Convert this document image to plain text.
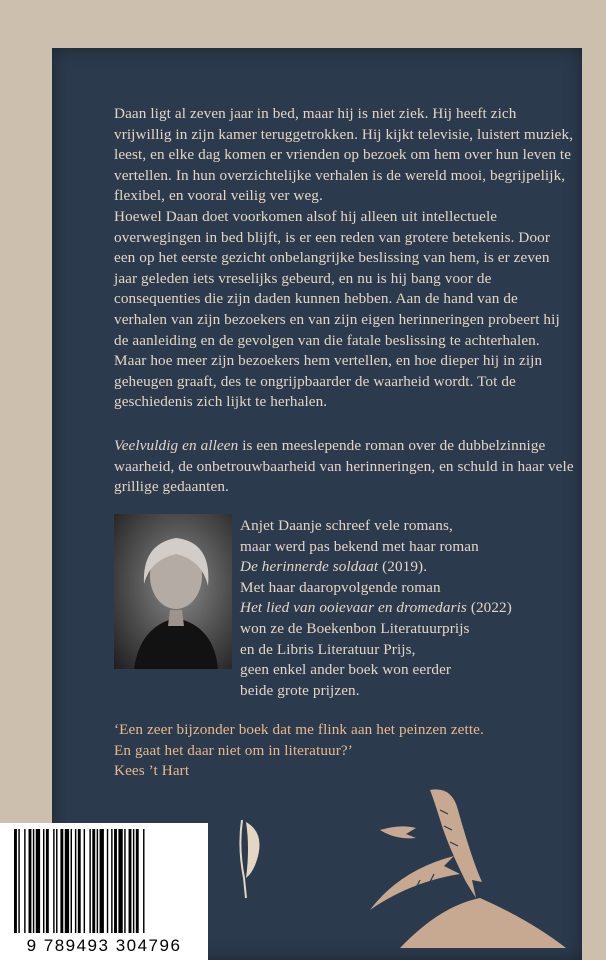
Daan ligt al zeven jaar in bed, maar hij is niet ziek. Hij heeft zich vrijwillig in zijn kamer teruggetrokken. Hij kijkt televisie, luistert muziek, leest, en elke dag komen er vrienden op bezoek om hem over hun leven te vertellen. In hun overzichtelijke verhalen is de wereld mooi, begrijpelijk, flexibel, en vooral veilig ver weg.

Hoewel Daan doet voorkomen alsof hij alleen uit intellectuele overwegingen in bed blijft, is er een reden van grotere betekenis. Door een op het eerste gezicht onbelangrijke beslissing van hem, is er zeven jaar geleden iets vreselijks gebeurd, en nu is hij bang voor de consequenties die zijn daden kunnen hebben. Aan de hand van de verhalen van zijn bezoekers en van zijn eigen herinneringen probeert hij de aanleiding en de gevolgen van die fatale beslissing te achterhalen. Maar hoe meer zijn bezoekers hem vertellen, en hoe dieper hij in zijn geheugen graaft, des te ongrijpbaarder de waarheid wordt. Tot de geschiedenis zich lijkt te herhalen.

Veelvuldig en alleen is een meeslepende roman over de dubbelzinnige waarheid, de onbetrouwbaarheid van herinneringen, en schuld in haar vele grillige gedaanten.

Anjet Daanje schreef vele romans,
maar werd pas bekend met haar roman
De herinnerde soldaat (2019).
Met haar daaropvolgende roman
Het lied van ooievaar en dromedaris (2022)
won ze de Boekenbon Literatuurprijs
en de Libris Literatuur Prijs,
geen enkel ander boek won eerder
beide grote prijzen.
‘Een zeer bijzonder boek dat me flink aan het peinzen zette.
En gaat het daar niet om in literatuur?’
Kees ’t Hart
9 789493 304796
